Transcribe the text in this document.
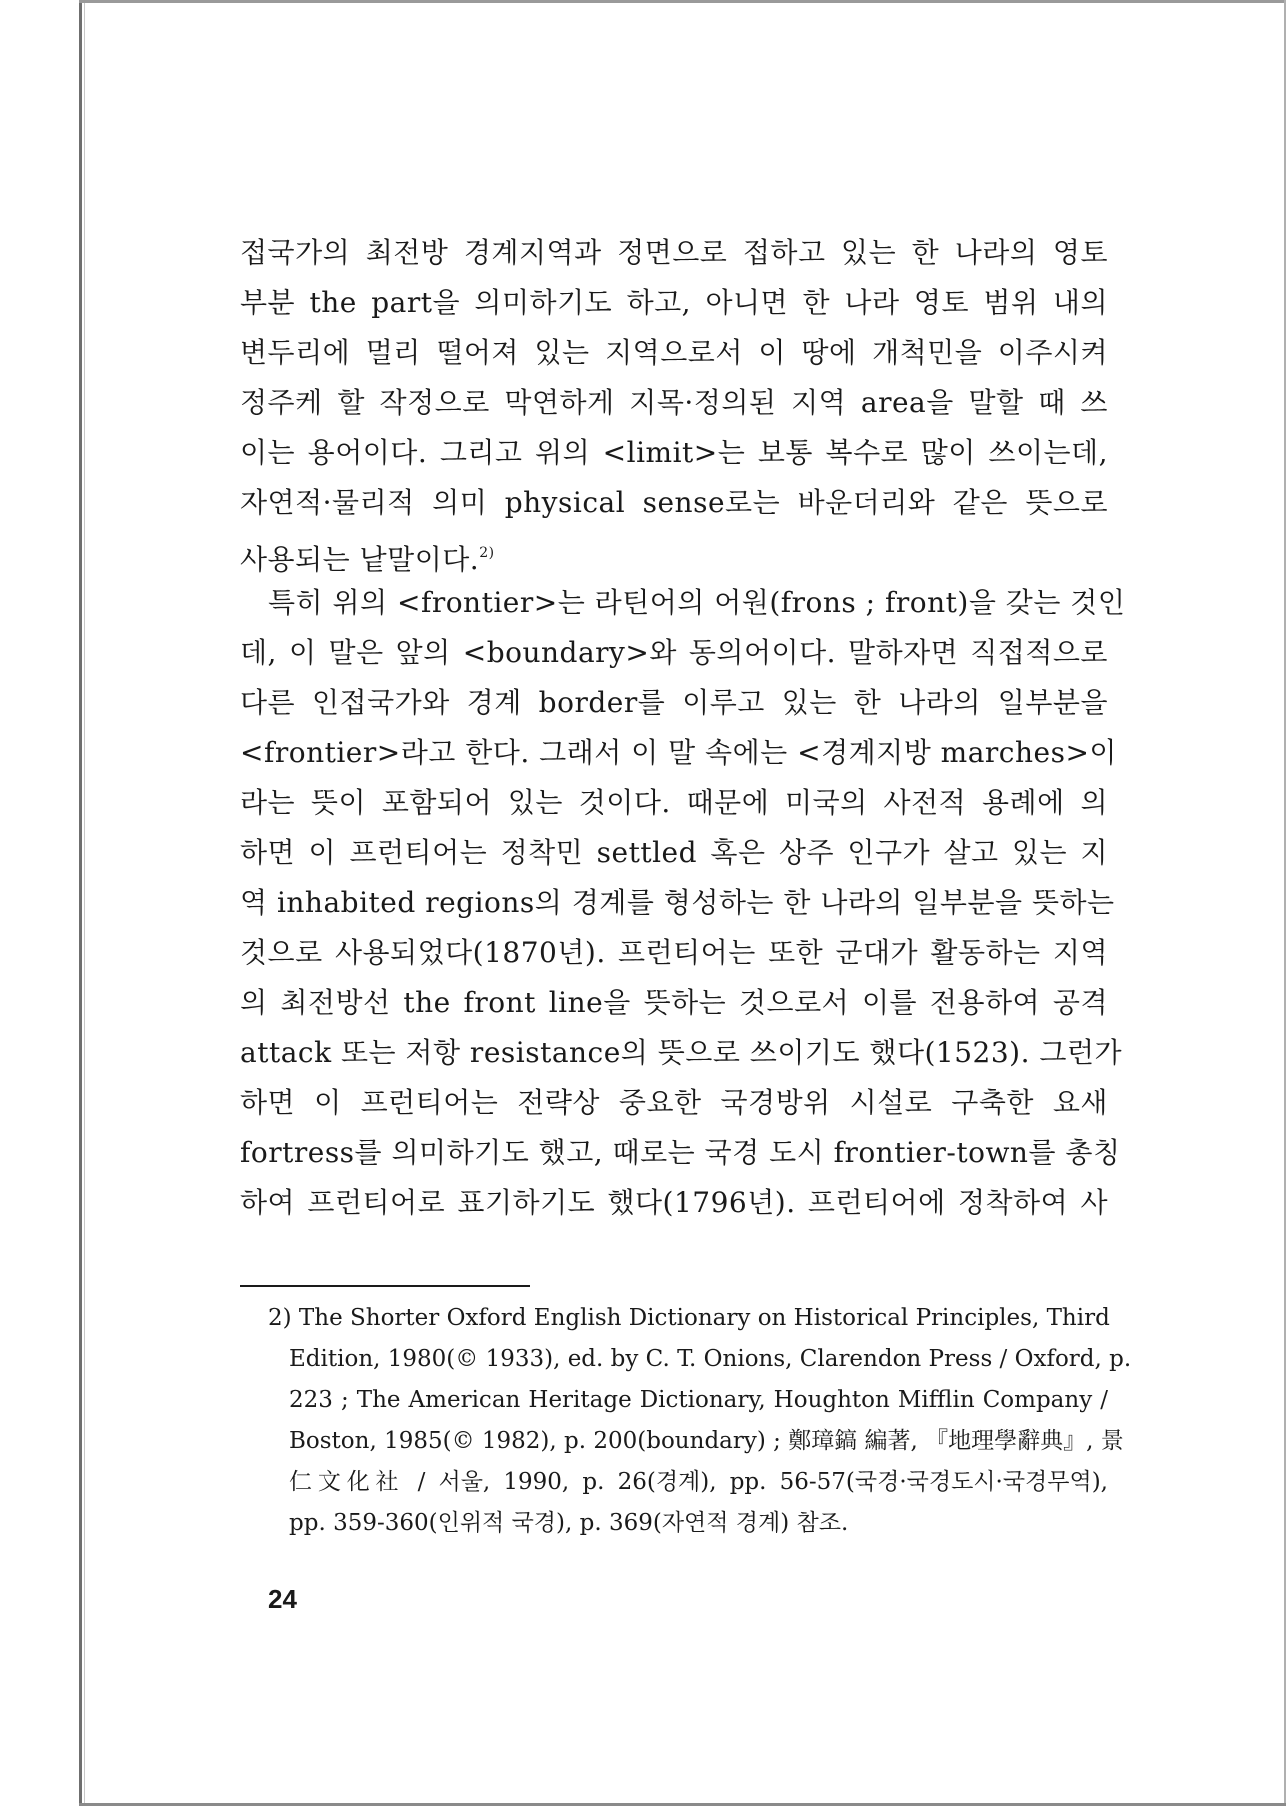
접국가의 최전방 경계지역과 정면으로 접하고 있는 한 나라의 영토
부분 the part을 의미하기도 하고, 아니면 한 나라 영토 범위 내의
변두리에 멀리 떨어져 있는 지역으로서 이 땅에 개척민을 이주시켜
정주케 할 작정으로 막연하게 지목·정의된 지역 area을 말할 때 쓰
이는 용어이다. 그리고 위의 <limit>는 보통 복수로 많이 쓰이는데,
자연적·물리적 의미 physical sense로는 바운더리와 같은 뜻으로
사용되는 낱말이다.$^{2)}$
특히 위의 <frontier>는 라틴어의 어원(frons ; front)을 갖는 것인
데, 이 말은 앞의 <boundary>와 동의어이다. 말하자면 직접적으로
다른 인접국가와 경계 border를 이루고 있는 한 나라의 일부분을
<frontier>라고 한다. 그래서 이 말 속에는 <경계지방 marches>이
라는 뜻이 포함되어 있는 것이다. 때문에 미국의 사전적 용례에 의
하면 이 프런티어는 정착민 settled 혹은 상주 인구가 살고 있는 지
역 inhabited regions의 경계를 형성하는 한 나라의 일부분을 뜻하는
것으로 사용되었다(1870년). 프런티어는 또한 군대가 활동하는 지역
의 최전방선 the front line을 뜻하는 것으로서 이를 전용하여 공격
attack 또는 저항 resistance의 뜻으로 쓰이기도 했다(1523). 그런가
하면 이 프런티어는 전략상 중요한 국경방위 시설로 구축한 요새
fortress를 의미하기도 했고, 때로는 국경 도시 frontier-town를 총칭
하여 프런티어로 표기하기도 했다(1796년). 프런티어에 정착하여 사
2) The Shorter Oxford English Dictionary on Historical Principles, Third
Edition, 1980(© 1933), ed. by C. T. Onions, Clarendon Press / Oxford, p.
223 ; The American Heritage Dictionary, Houghton Mifflin Company /
Boston, 1985(© 1982), p. 200(boundary) ; 鄭璋鎬 編著, 『地理學辭典』, 景
仁文化社 / 서울, 1990, p. 26(경계), pp. 56-57(국경·국경도시·국경무역),
pp. 359-360(인위적 국경), p. 369(자연적 경계) 참조.
24
